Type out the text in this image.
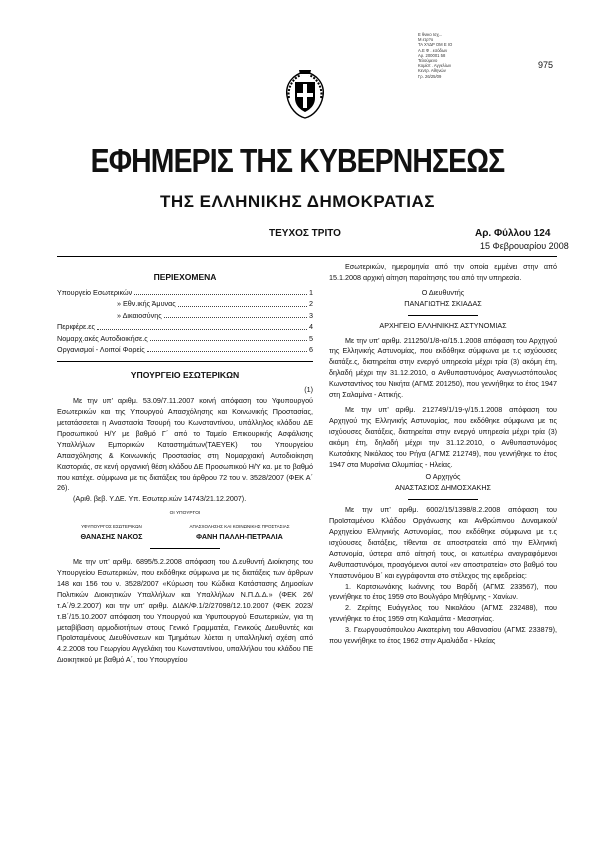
Ε θνικο Ισχ...
Μ ετρ?ο
ΤΑ ΧΥΔΡ ΟΜ Ε ΙΟ
Α.Ε Φ . εσόδων
Αρ. 200001 58
Τελούμενο
Κομίστ . Αγγελίων
Κεντρ. Αθηνών
Γρ. 26/25/09
975
ΕΦΗΜΕΡΙΣ ΤΗΣ ΚΥΒΕΡΝΗΣΕΩΣ
ΤΗΣ ΕΛΛΗΝΙΚΗΣ ΔΗΜΟΚΡΑΤΙΑΣ
ΤΕΥΧΟΣ ΤΡΙΤΟ	Αρ. Φύλλου 124
15 Φεβρουαρίου 2008
ΠΕΡΙΕΧΟΜΕΝΑ
Υπουργείο Εσωτερικών	1
» Εθν.ικής Άμυνας	2
» Δικαιοσύνης	3
Περιφέρε.ες	4
Νομαρχ.ακές Αυτοδιοικήσε.ς	5
Οργανισμοί - Λοιποί Φορείς	6
ΥΠΟΥΡΓΕΙΟ ΕΣΩΤΕΡΙΚΩΝ

(1)

Με την υπ’ αριθμ. 53.09/7.11.2007 κοινή απόφαση του Υφυπουργού Εσωτερικών και της Υπουργού Απασχόλησης και Κοινωνικής Προστασίας, μετατάσσεται η Αναστασία Τσουρή του Κωνσταντίνου, υπάλληλος κλάδου ΔΕ Προσωπικού Η/Υ με βαθμό Γ΄ από το Ταμείο Επικουρικής Ασφάλισης Υπαλλήλων Εμπορικών Καταστημάτων(ΤΑΕΥΕΚ) του Υπουργείου Απασχόλησης & Κοινωνικής Προστασίας στη Νομαρχιακή Αυτοδιοίκηση Καστοριάς, σε κενή οργανική θέση κλάδου ΔΕ Προσωπικού Η/Υ κα. με το βαθμό που κατέχε. σύμφωνα με τις διατάξεις του άρθρου 72 του ν. 3528/2007 (ΦΕΚ Α΄ 26).

(Αριθ. βεβ. Υ.ΔΕ. Υπ. Εσωτερ.κών 14743/21.12.2007).

ΟΙ ΥΠΟΥΡΓΟΙ
ΥΦΥΠΟΥΡΓΟΣ ΕΣΩΤΕΡΙΚΩΝ
ΘΑΝΑΣΗΣ ΝΑΚΟΣ
ΑΠΑΣΧΟΛΗΣΗΣ ΚΑΙ ΚΟΙΝΩΝΙΚΗΣ ΠΡΟΣΤΑΣΙΑΣ
ΦΑΝΗ ΠΑΛΛΗ-ΠΕΤΡΑΛΙΑ

Με την υπ’ αριθμ. 6895/5.2.2008 απόφαση του Δ.ευθυντή Διοίκησης του Υπουργείου Εσωτερικών, που εκδόθηκε σύμφωνα με τις διατάξεις των άρθρων 148 και 156 του ν. 3528/2007 «Κύρωση του Κώδικα Κατάστασης Δημοσίων Πολιτικών Διοικητικών Υπαλλήλων και Υπαλλήλων Ν.Π.Δ.Δ.» (ΦΕΚ 26/τ.Α΄/9.2.2007) και την υπ’ αριθμ. ΔΙΔΚ/Φ.1/2/27098/12.10.2007 (ΦΕΚ 2023/τ.Β΄/15.10.2007 απόφαση του Υπουργού και Υφυπουργού Εσωτερικών, για τη μεταβίβαση αρμοδιοτήτων στους Γενικό Γραμματέα, Γενικούς Διευθυντές και Προϊσταμένους Διευθύνσεων και Τμημάτων λύεται η υπαλληλική σχέση από 4.2.2008 του Γεωργίου Αγγελάκη του Κωνσταντίνου, υπαλλήλου του κλάδου ΠΕ Διοικητικού με βαθμό Α΄, του Υπουργείου

Εσωτερικών, ημερομηνία από την οποία εμμένει στην από 15.1.2008 αρχική αίτηση παραίτησης του από την υπηρεσία.

Ο Διευθυντής

ΠΑΝΑΓΙΩΤΗΣ ΣΚΙΑΔΑΣ

ΑΡΧΗΓΕΙΟ ΕΛΛΗΝΙΚΗΣ ΑΣΤΥΝΟΜΙΑΣ

Με την υπ’ αριθμ. 211250/1/8-ια/15.1.2008 απόφαση του Αρχηγού της Ελληνικής Αστυνομίας, που εκδόθηκε σύμφωνα με τ.ς ισχύουσες διατάξε.ς, διατηρείται στην ενεργό υπηρεσία μέχρι τρία (3) ακόμη έτη, δηλαδή μέχρι την 31.12.2010, ο Ανθυπαστυνόμος Αναγνωστόπουλος Κωνσταντίνος του Νικήτα (ΑΓΜΣ 201250), που γεννήθηκε το έτος 1947 στη Σαλαμίνα - Αττικής.

Με την υπ’ αριθμ. 212749/1/19-γ/15.1.2008 απόφαση του Αρχηγού της Ελληνικής Αστυνομίας, που εκδόθηκε σύμφωνα με τις ισχύουσες διατάξεις, διατηρείται στην ενεργό υπηρεσία μέχρι τρία (3) ακόμη έτη, δηλαδή μέχρι την 31.12.2010, ο Ανθυπαστυνόμος Κωτσάκης Νικόλαος του Ρήγα (ΑΓΜΣ 212749), που γεννήθηκε το έτος 1947 στα Μυρσίνια Ολυμπίας - Ηλείας.

Ο Αρχηγός

ΑΝΑΣΤΑΣΙΟΣ ΔΗΜΟΣΧΑΚΗΣ

Με την υπ’ αριθμ. 6002/15/1398/8.2.2008 απόφαση του Προϊσταμένου Κλάδου Οργάνωσης και Ανθρώπινου Δυναμικού/ Αρχηγείου Ελληνικής Αστυνομίας, που εκδόθηκε σύμφωνα με τ.ς ισχύουσες διατάξεις, τίθενται σε αποστρατεία από την Ελληνική Αστυνομία, ύστερα από αίτησή τους, οι κατωτέρω αναγραφόμενοι Ανθυπαστυνόμοι, προαγόμενοι αυτοί «εν αποστρατεία» στο βαθμό του Υπαστυνόμου Β΄ και εγγράφονται στο στέλεχος της εφεδρείας:

1. Καρτσιωνάκης Ιωάννης του Βαρδή (ΑΓΜΣ 233567), που γεννήθηκε το έτος 1959 στο Βουλγάρο Μηθύμνης - Χανίων.

2. Ζερίτης Ευάγγελος του Νικολάου (ΑΓΜΣ 232488), που γεννήθηκε το έτος 1959 στη Καλαμάτα - Μεσσηνίας.

3. Γεωργουσόπουλου Αικατερίνη του Αθανασίου (ΑΓΜΣ 233879), που γεννήθηκε το έτος 1962 στην Αμαλιάδα - Ηλείας
